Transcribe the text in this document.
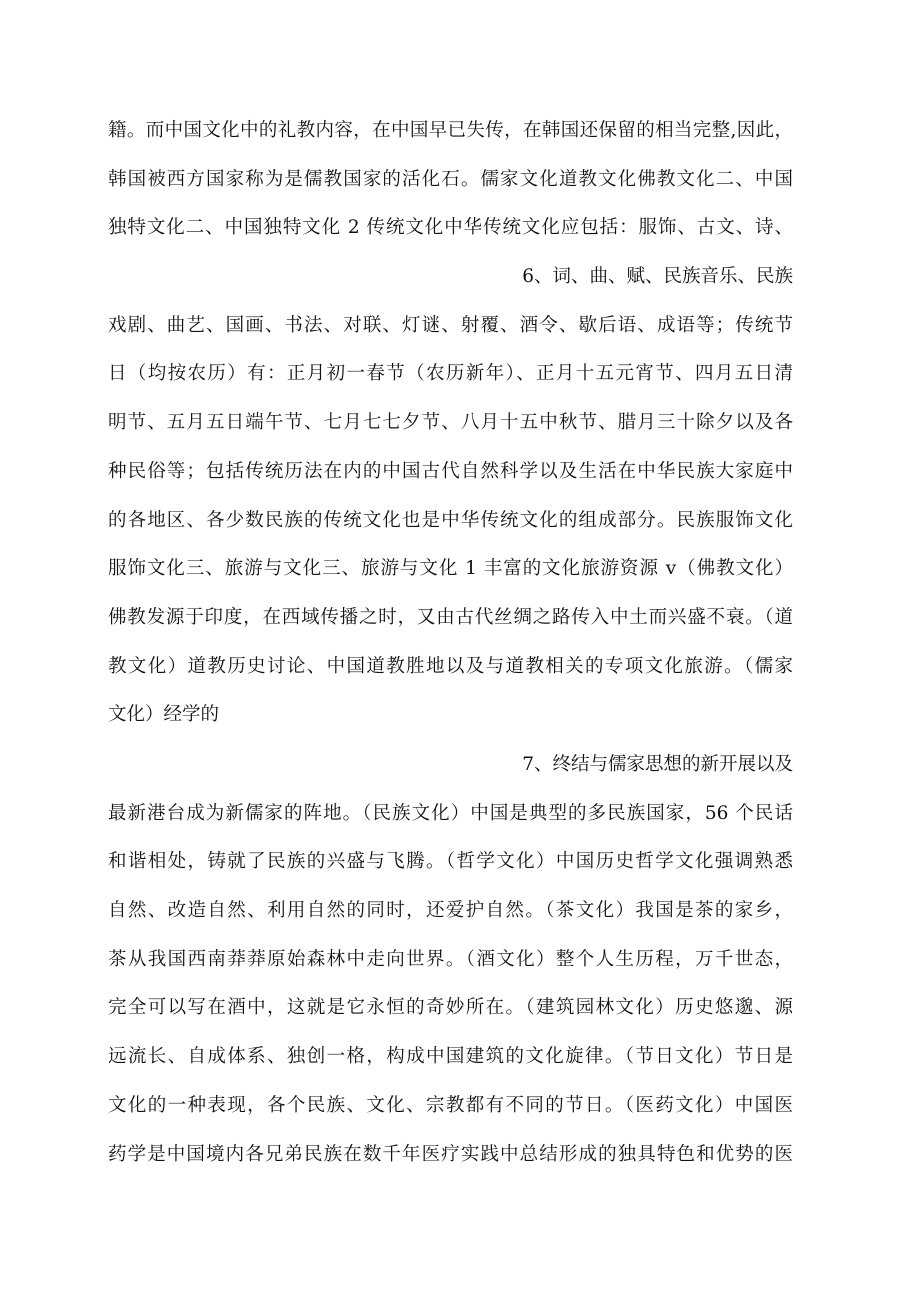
籍。而中国文化中的礼教内容，在中国早已失传，在韩国还保留的相当完整,因此，
韩国被西方国家称为是儒教国家的活化石。儒家文化道教文化佛教文化二、中国
独特文化二、中国独特文化 2 传统文化中华传统文化应包括：服饰、古文、诗、
6、词、曲、赋、民族音乐、民族
戏剧、曲艺、国画、书法、对联、灯谜、射覆、酒令、歇后语、成语等；传统节
日（均按农历）有：正月初一春节（农历新年）、正月十五元宵节、四月五日清
明节、五月五日端午节、七月七七夕节、八月十五中秋节、腊月三十除夕以及各
种民俗等；包括传统历法在内的中国古代自然科学以及生活在中华民族大家庭中
的各地区、各少数民族的传统文化也是中华传统文化的组成部分。民族服饰文化
服饰文化三、旅游与文化三、旅游与文化 1 丰富的文化旅游资源 v（佛教文化）
佛教发源于印度，在西域传播之时，又由古代丝绸之路传入中土而兴盛不衰。（道
教文化）道教历史讨论、中国道教胜地以及与道教相关的专项文化旅游。（儒家
文化）经学的
7、终结与儒家思想的新开展以及
最新港台成为新儒家的阵地。（民族文化）中国是典型的多民族国家，56 个民话
和谐相处，铸就了民族的兴盛与飞腾。（哲学文化）中国历史哲学文化强调熟悉
自然、改造自然、利用自然的同时，还爱护自然。（茶文化）我国是茶的家乡，
茶从我国西南莽莽原始森林中走向世界。（酒文化）整个人生历程，万千世态，
完全可以写在酒中，这就是它永恒的奇妙所在。（建筑园林文化）历史悠邈、源
远流长、自成体系、独创一格，构成中国建筑的文化旋律。（节日文化）节日是
文化的一种表现，各个民族、文化、宗教都有不同的节日。（医药文化）中国医
药学是中国境内各兄弟民族在数千年医疗实践中总结形成的独具特色和优势的医
